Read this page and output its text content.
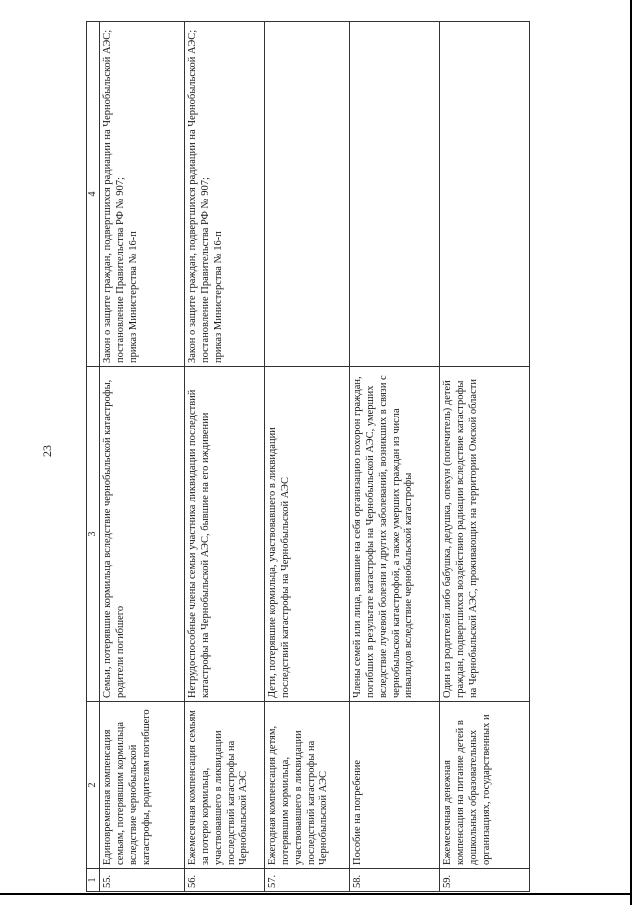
23
1	2	3	4
55.	Единовременная компенсация семьям, потерявшим кормильца вследствие чернобыльской катастрофы, родителям погибшего	Семьи, потерявшие кормильца вследствие чернобыльской катастрофы, родители погибшего	Закон о защите граждан, подвергшихся радиации на Чернобыльской АЭС;
постановление Правительства РФ № 907;
приказ Министерства № 16-п
56.	Ежемесячная компенсация семьям за потерю кормильца, участвовавшего в ликвидации последствий катастрофы на Чернобыльской АЭС	Нетрудоспособные члены семьи участника ликвидации последствий катастрофы на Чернобыльской АЭС, бывшие на его иждивении	Закон о защите граждан, подвергшихся радиации на Чернобыльской АЭС;
постановление Правительства РФ № 907;
приказ Министерства № 16-п
57.	Ежегодная компенсация детям, потерявшим кормильца, участвовавшего в ликвидации последствий катастрофы на Чернобыльской АЭС	Дети, потерявшие кормильца, участвовавшего в ликвидации последствий катастрофы на Чернобыльской АЭС	
58.	Пособие на погребение	Члены семей или лица, взявшие на себя организацию похорон граждан, погибших в результате катастрофы на Чернобыльской АЭС, умерших вследствие лучевой болезни и других заболеваний, возникших в связи с чернобыльской катастрофой, а также умерших граждан из числа инвалидов вследствие чернобыльской катастрофы	
59.	Ежемесячная денежная компенсация на питание детей в дошкольных образовательных организациях, государственных и	Один из родителей либо бабушка, дедушка, опекун (попечитель) детей граждан, подвергшихся воздействию радиации вследствие катастрофы на Чернобыльской АЭС, проживающих на территории Омской области	
